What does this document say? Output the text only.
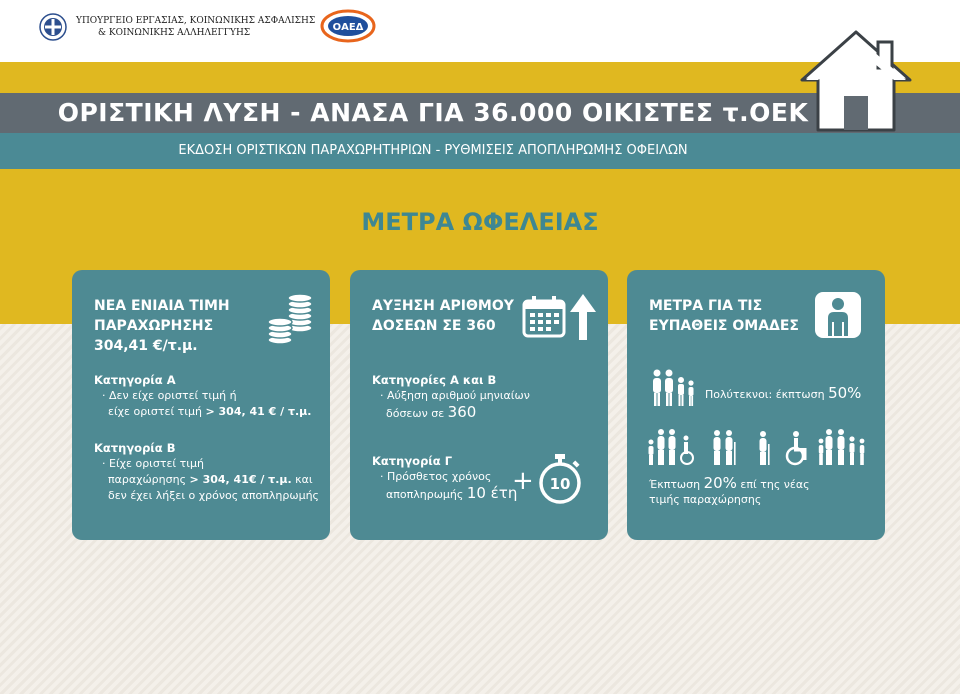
ΥΠΟΥΡΓΕΙΟ ΕΡΓΑΣΙΑΣ, ΚΟΙΝΩΝΙΚΗΣ ΑΣΦΑΛΙΣΗΣ
& ΚΟΙΝΩΝΙΚΗΣ ΑΛΛΗΛΕΓΓΥΗΣ	ΟΑΕΔ
ΟΡΙΣΤΙΚΗ ΛΥΣΗ - ΑΝΑΣΑ ΓΙΑ 36.000 ΟΙΚΙΣΤΕΣ τ.ΟΕΚ
ΕΚΔΟΣΗ ΟΡΙΣΤΙΚΩΝ ΠΑΡΑΧΩΡΗΤΗΡΙΩΝ - ΡΥΘΜΙΣΕΙΣ ΑΠΟΠΛΗΡΩΜΗΣ ΟΦΕΙΛΩΝ
ΜΕΤΡΑ ΩΦΕΛΕΙΑΣ
ΝΕΑ ΕΝΙΑΙΑ ΤΙΜΗ
ΠΑΡΑΧΩΡΗΣΗΣ
304,41 €/τ.μ.
Κατηγορία Α
· Δεν είχε οριστεί τιμή ή
είχε οριστεί τιμή > 304, 41 € / τ.μ.
Κατηγορία Β
· Είχε οριστεί τιμή
παραχώρησης > 304, 41€ / τ.μ. και
δεν έχει λήξει ο χρόνος αποπληρωμής
ΑΥΞΗΣΗ ΑΡΙΘΜΟΥ
ΔΟΣΕΩΝ ΣΕ 360
Κατηγορίες Α και Β
· Αύξηση αριθμού μηνιαίων
δόσεων σε 360
Κατηγορία Γ
· Πρόσθετος χρόνος
αποπληρωμής 10 έτη
+ 10
ΜΕΤΡΑ ΓΙΑ ΤΙΣ
ΕΥΠΑΘΕΙΣ ΟΜΑΔΕΣ
Πολύτεκνοι: έκπτωση 50%
Έκπτωση 20% επί της νέας
τιμής παραχώρησης
